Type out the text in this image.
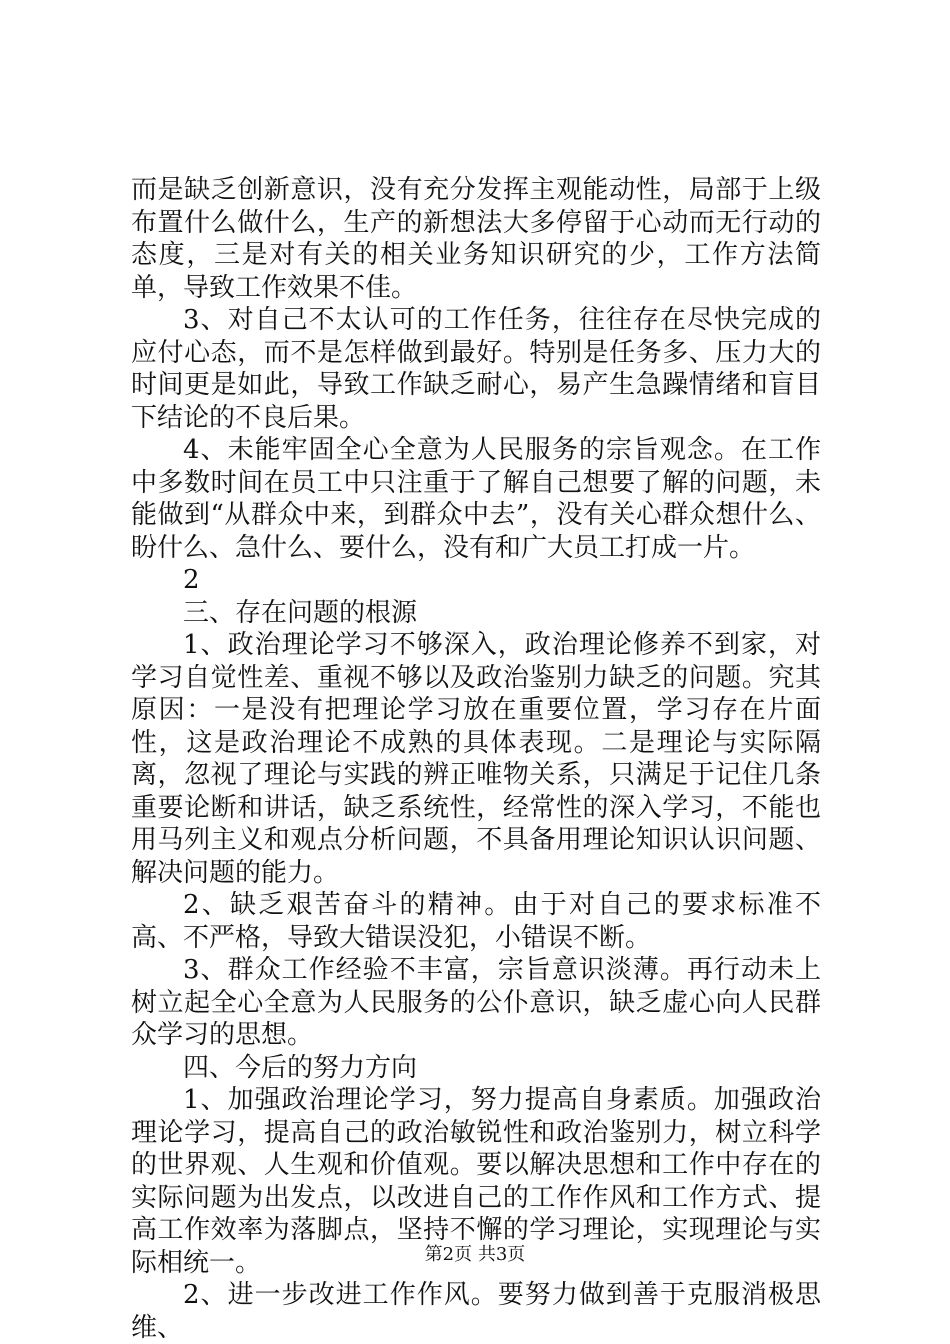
而是缺乏创新意识，没有充分发挥主观能动性，局部于上级布置什么做什么，生产的新想法大多停留于心动而无行动的态度，三是对有关的相关业务知识研究的少，工作方法简单，导致工作效果不佳。

3、对自己不太认可的工作任务，往往存在尽快完成的应付心态，而不是怎样做到最好。特别是任务多、压力大的时间更是如此，导致工作缺乏耐心，易产生急躁情绪和盲目下结论的不良后果。

4、未能牢固全心全意为人民服务的宗旨观念。在工作中多数时间在员工中只注重于了解自己想要了解的问题，未能做到“从群众中来，到群众中去”，没有关心群众想什么、盼什么、急什么、要什么，没有和广大员工打成一片。

2

三、存在问题的根源

1、政治理论学习不够深入，政治理论修养不到家，对学习自觉性差、重视不够以及政治鉴别力缺乏的问题。究其原因：一是没有把理论学习放在重要位置，学习存在片面性，这是政治理论不成熟的具体表现。二是理论与实际隔离，忽视了理论与实践的辨正唯物关系，只满足于记住几条重要论断和讲话，缺乏系统性，经常性的深入学习，不能也用马列主义和观点分析问题，不具备用理论知识认识问题、解决问题的能力。

2、缺乏艰苦奋斗的精神。由于对自己的要求标准不高、不严格，导致大错误没犯，小错误不断。

3、群众工作经验不丰富，宗旨意识淡薄。再行动未上树立起全心全意为人民服务的公仆意识，缺乏虚心向人民群众学习的思想。

四、今后的努力方向

1、加强政治理论学习，努力提高自身素质。加强政治理论学习，提高自己的政治敏锐性和政治鉴别力，树立科学的世界观、人生观和价值观。要以解决思想和工作中存在的实际问题为出发点，以改进自己的工作作风和工作方式、提高工作效率为落脚点，坚持不懈的学习理论，实现理论与实际相统一。

2、进一步改进工作作风。要努力做到善于克服消极思维、

第2页 共3页
